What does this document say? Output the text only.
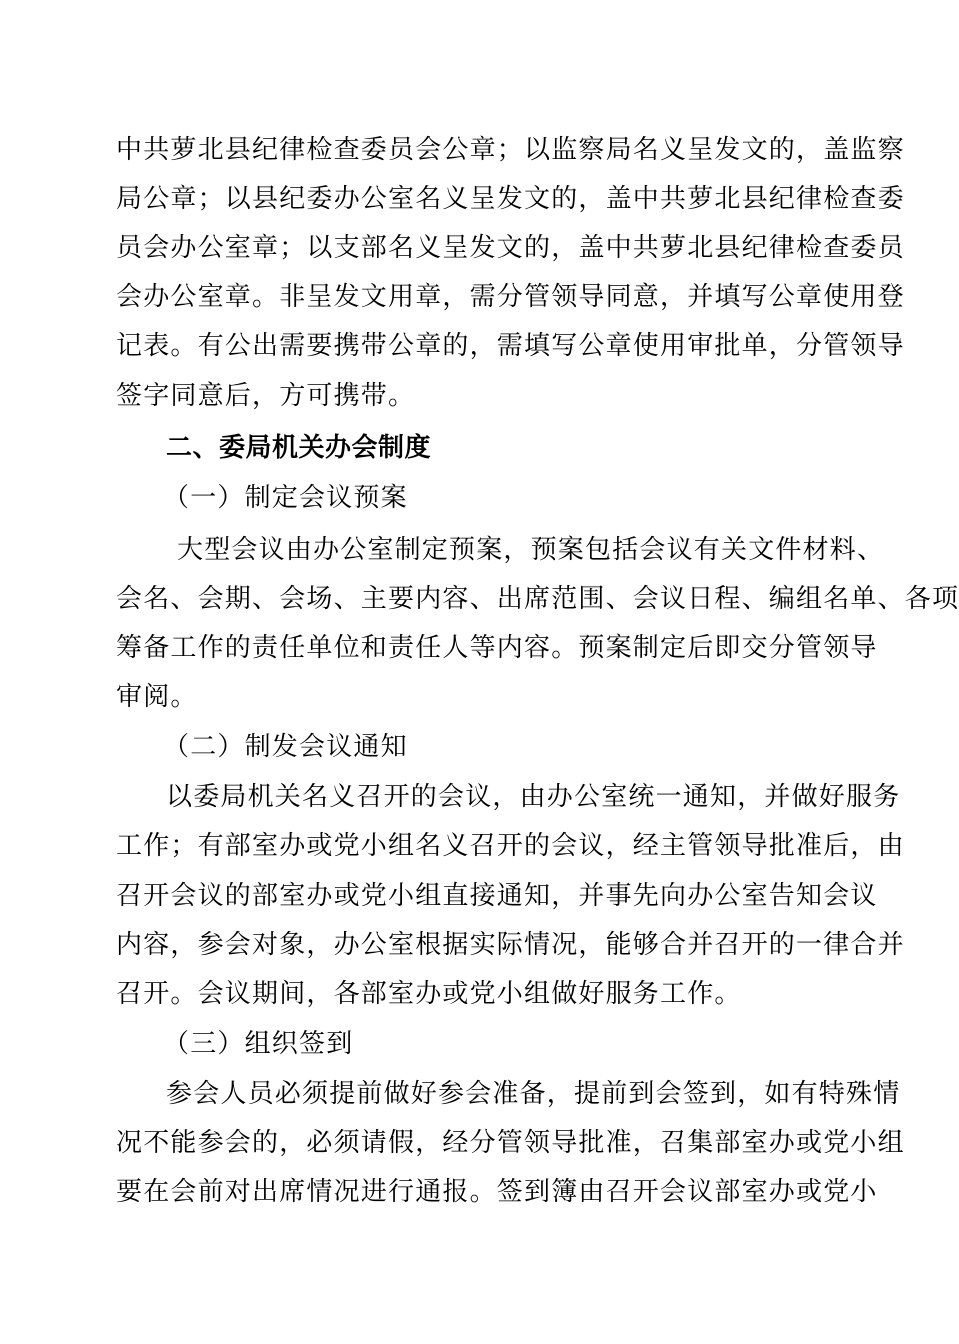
中共萝北县纪律检查委员会公章；以监察局名义呈发文的，盖监察
局公章；以县纪委办公室名义呈发文的，盖中共萝北县纪律检查委
员会办公室章；以支部名义呈发文的，盖中共萝北县纪律检查委员
会办公室章。非呈发文用章，需分管领导同意，并填写公章使用登
记表。有公出需要携带公章的，需填写公章使用审批单，分管领导
签字同意后，方可携带。
二、委局机关办会制度
（一）制定会议预案
大型会议由办公室制定预案，预案包括会议有关文件材料、
会名、会期、会场、主要内容、出席范围、会议日程、编组名单、各项
筹备工作的责任单位和责任人等内容。预案制定后即交分管领导
审阅。
（二）制发会议通知
以委局机关名义召开的会议，由办公室统一通知，并做好服务
工作；有部室办或党小组名义召开的会议，经主管领导批准后，由
召开会议的部室办或党小组直接通知，并事先向办公室告知会议
内容，参会对象，办公室根据实际情况，能够合并召开的一律合并
召开。会议期间，各部室办或党小组做好服务工作。
（三）组织签到
参会人员必须提前做好参会准备，提前到会签到，如有特殊情
况不能参会的，必须请假，经分管领导批准，召集部室办或党小组
要在会前对出席情况进行通报。签到簿由召开会议部室办或党小
